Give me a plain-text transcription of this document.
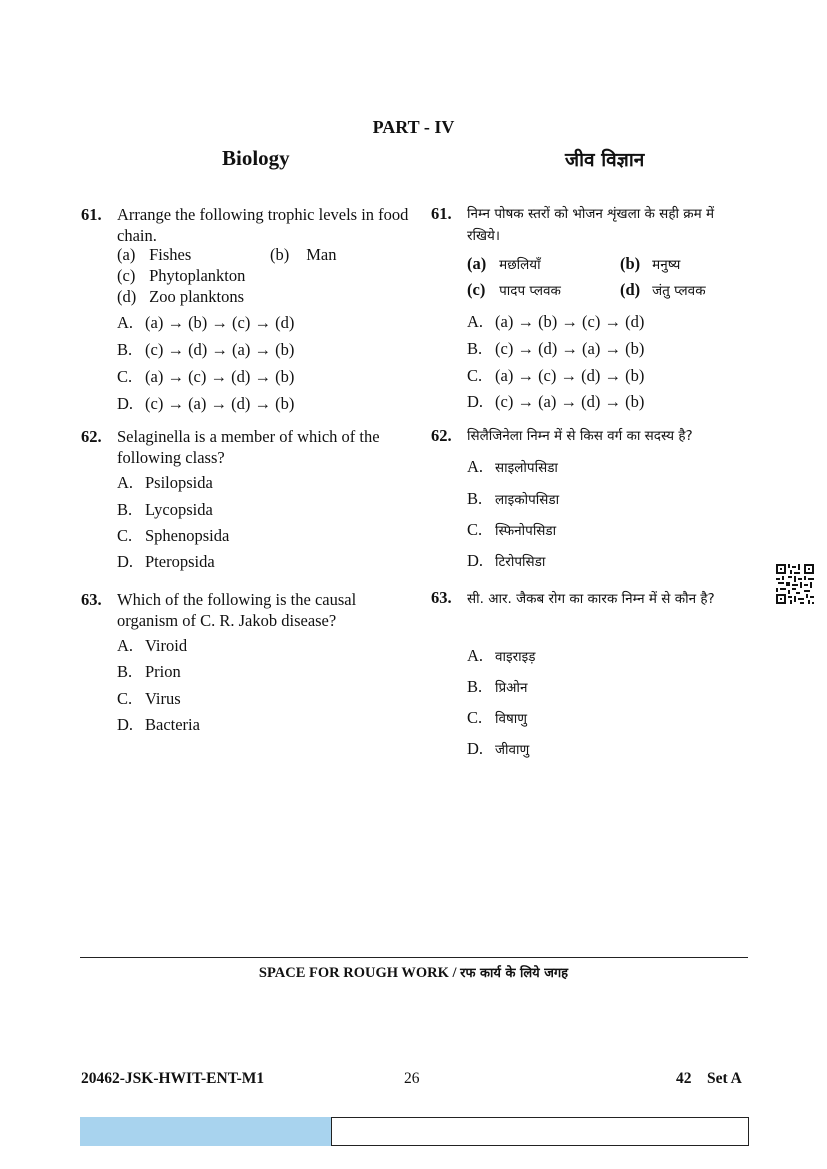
PART - IV
Biology	जीव विज्ञान
61. Arrange the following trophic levels in food chain.
(a) Fishes	(b) Man
(c) Phytoplankton
(d) Zoo planktons
A. (a) → (b) → (c) → (d)
B. (c) → (d) → (a) → (b)
C. (a) → (c) → (d) → (b)
D. (c) → (a) → (d) → (b)
62. Selaginella is a member of which of the following class?
A. Psilopsida
B. Lycopsida
C. Sphenopsida
D. Pteropsida
63. Which of the following is the causal organism of C. R. Jakob disease?
A. Viroid
B. Prion
C. Virus
D. Bacteria
61. निम्न पोषक स्तरों को भोजन शृंखला के सही क्रम में रखिये।
(a) मछलियाँ	(b) मनुष्य
(c) पादप प्लवक	(d) जंतु प्लवक
A. (a) → (b) → (c) → (d)
B. (c) → (d) → (a) → (b)
C. (a) → (c) → (d) → (b)
D. (c) → (a) → (d) → (b)
62. सिलैजिनेला निम्न में से किस वर्ग का सदस्य है?
A. साइलोपसिडा
B. लाइकोपसिडा
C. स्फिनोपसिडा
D. टिरोपसिडा
63. सी. आर. जैकब रोग का कारक निम्न में से कौन है?
A. वाइराइड़
B. प्रिओन
C. विषाणु
D. जीवाणु
SPACE FOR ROUGH WORK / रफ कार्य के लिये जगह
20462-JSK-HWIT-ENT-M1	26	42 Set A
